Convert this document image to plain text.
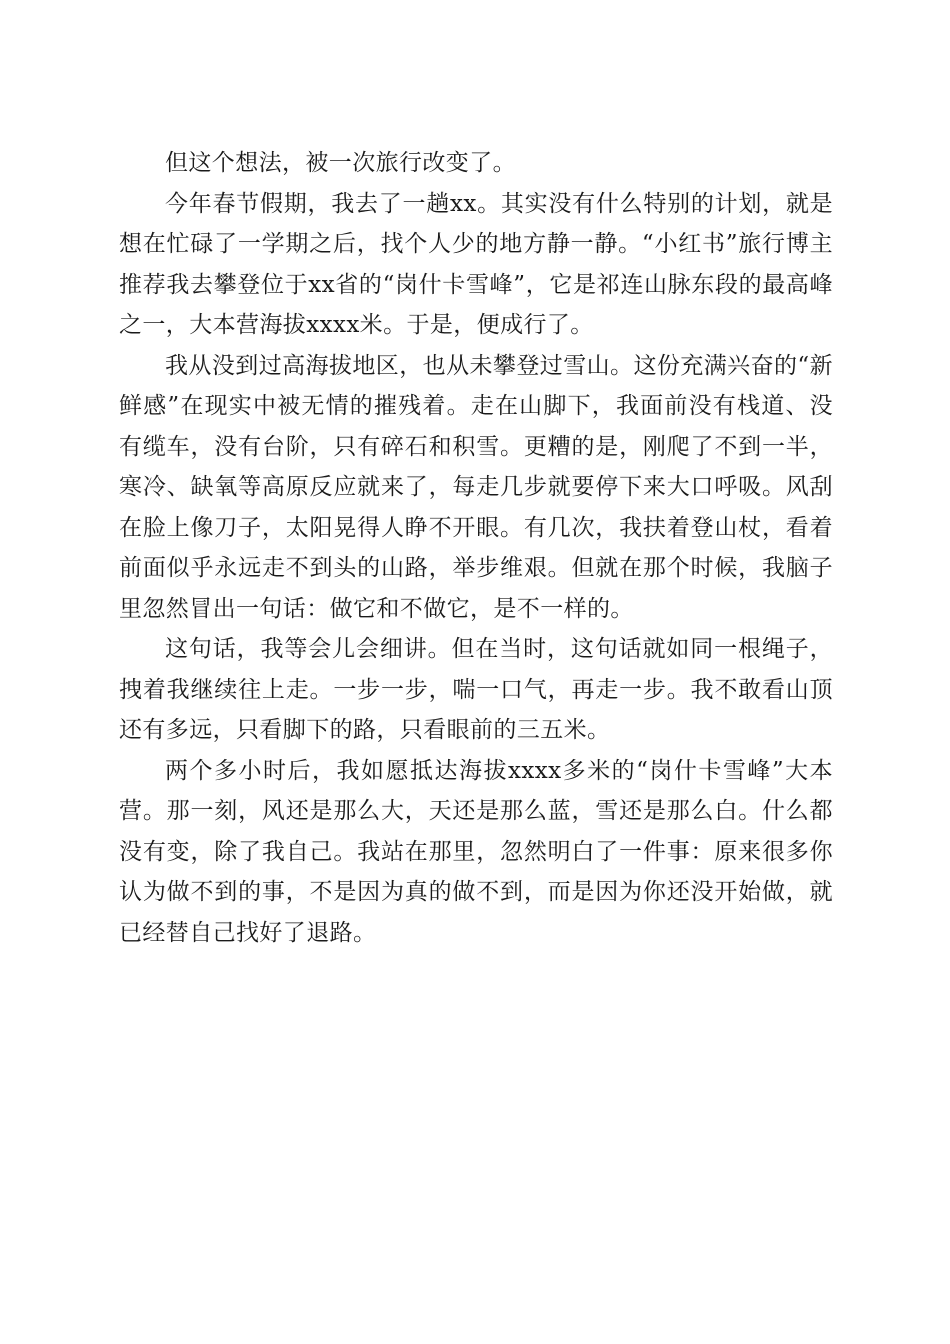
但这个想法，被一次旅行改变了。

今年春节假期，我去了一趟xx。其实没有什么特别的计划，就是想在忙碌了一学期之后，找个人少的地方静一静。“小红书”旅行博主推荐我去攀登位于xx省的“岗什卡雪峰”，它是祁连山脉东段的最高峰之一，大本营海拔xxxx米。于是，便成行了。

我从没到过高海拔地区，也从未攀登过雪山。这份充满兴奋的“新鲜感”在现实中被无情的摧残着。走在山脚下，我面前没有栈道、没有缆车，没有台阶，只有碎石和积雪。更糟的是，刚爬了不到一半，寒冷、缺氧等高原反应就来了，每走几步就要停下来大口呼吸。风刮在脸上像刀子，太阳晃得人睁不开眼。有几次，我扶着登山杖，看着前面似乎永远走不到头的山路，举步维艰。但就在那个时候，我脑子里忽然冒出一句话：做它和不做它，是不一样的。

这句话，我等会儿会细讲。但在当时，这句话就如同一根绳子，拽着我继续往上走。一步一步，喘一口气，再走一步。我不敢看山顶还有多远，只看脚下的路，只看眼前的三五米。

两个多小时后，我如愿抵达海拔xxxx多米的“岗什卡雪峰”大本营。那一刻，风还是那么大，天还是那么蓝，雪还是那么白。什么都没有变，除了我自己。我站在那里，忽然明白了一件事：原来很多你认为做不到的事，不是因为真的做不到，而是因为你还没开始做，就已经替自己找好了退路。
